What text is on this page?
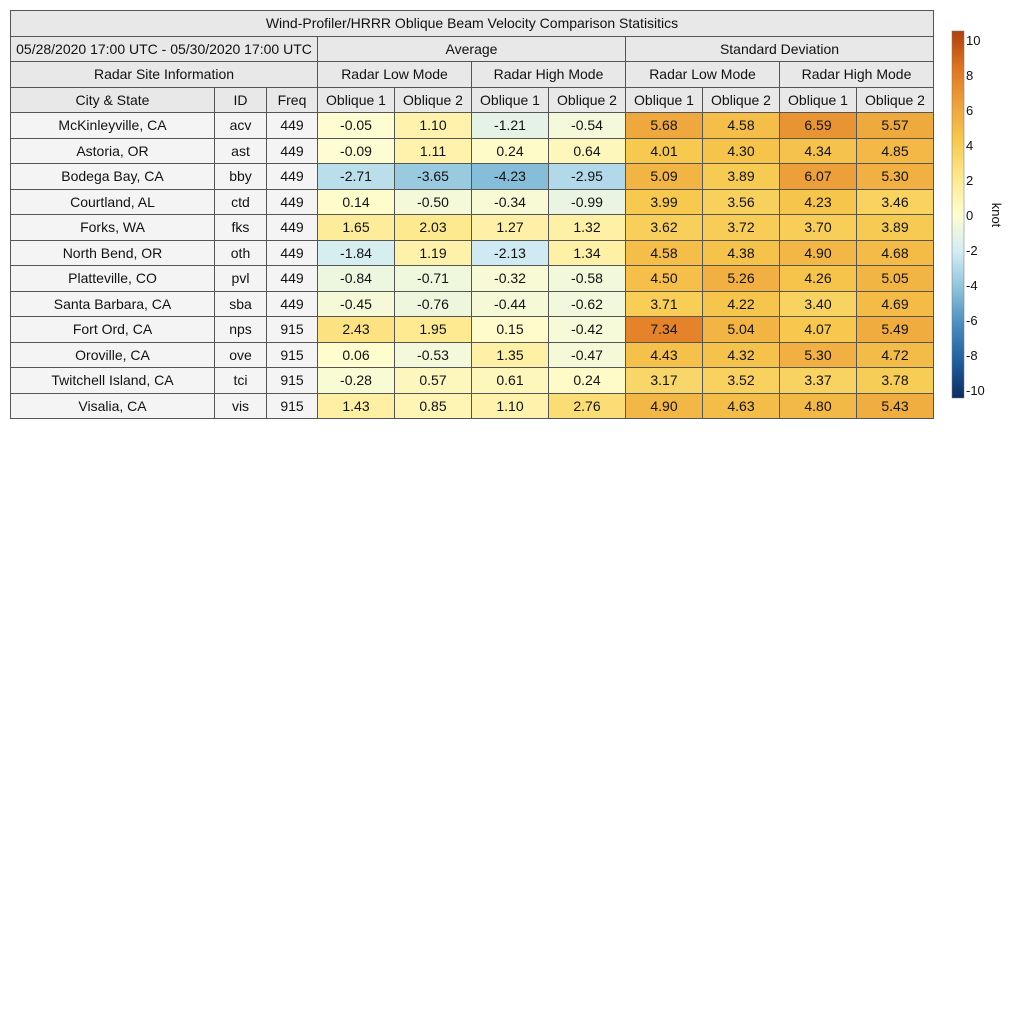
Wind-Profiler/HRRR Oblique Beam Velocity Comparison Statisitics										
05/28/2020 17:00 UTC - 05/30/2020 17:00 UTC			Average				Standard Deviation			
Radar Site Information			Radar Low Mode		Radar High Mode		Radar Low Mode		Radar High Mode	
City & State	ID	Freq	Oblique 1	Oblique 2	Oblique 1	Oblique 2	Oblique 1	Oblique 2	Oblique 1	Oblique 2
McKinleyville, CA	acv	449	-0.05	1.10	-1.21	-0.54	5.68	4.58	6.59	5.57
Astoria, OR	ast	449	-0.09	1.11	0.24	0.64	4.01	4.30	4.34	4.85
Bodega Bay, CA	bby	449	-2.71	-3.65	-4.23	-2.95	5.09	3.89	6.07	5.30
Courtland, AL	ctd	449	0.14	-0.50	-0.34	-0.99	3.99	3.56	4.23	3.46
Forks, WA	fks	449	1.65	2.03	1.27	1.32	3.62	3.72	3.70	3.89
North Bend, OR	oth	449	-1.84	1.19	-2.13	1.34	4.58	4.38	4.90	4.68
Platteville, CO	pvl	449	-0.84	-0.71	-0.32	-0.58	4.50	5.26	4.26	5.05
Santa Barbara, CA	sba	449	-0.45	-0.76	-0.44	-0.62	3.71	4.22	3.40	4.69
Fort Ord, CA	nps	915	2.43	1.95	0.15	-0.42	7.34	5.04	4.07	5.49
Oroville, CA	ove	915	0.06	-0.53	1.35	-0.47	4.43	4.32	5.30	4.72
Twitchell Island, CA	tci	915	-0.28	0.57	0.61	0.24	3.17	3.52	3.37	3.78
Visalia, CA	vis	915	1.43	0.85	1.10	2.76	4.90	4.63	4.80	5.43
10
8
6
4
2
0
-2
-4
-6
-8
-10
knot
